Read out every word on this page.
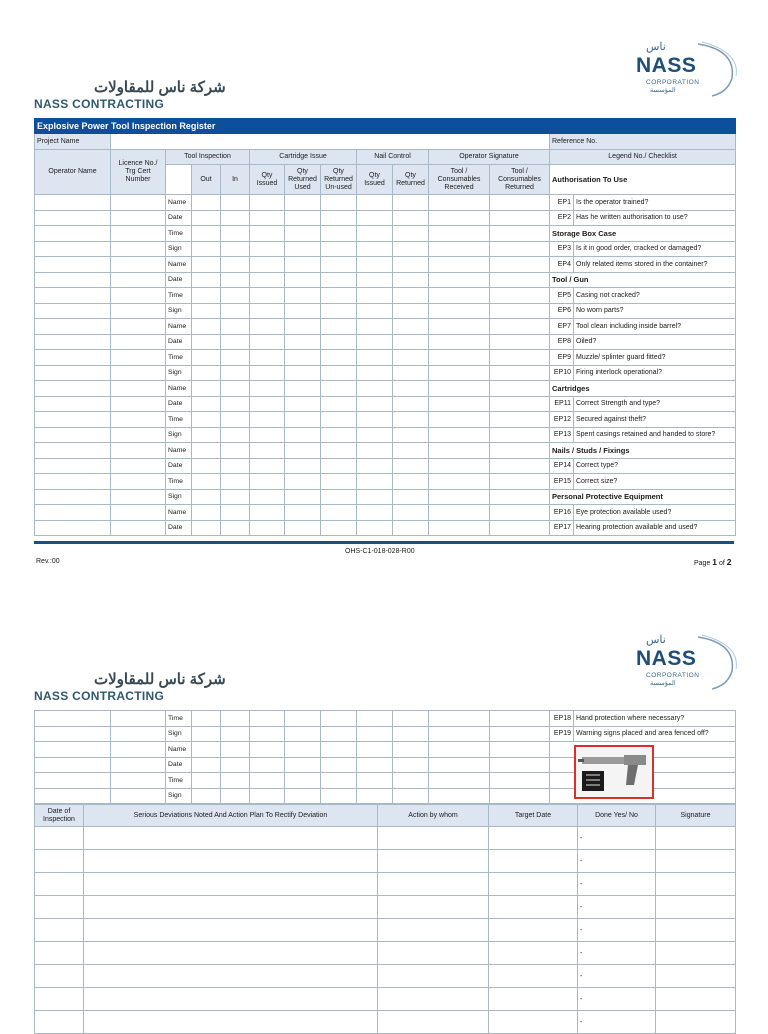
شركة ناس للمقاولات
NASS CONTRACTING
ناس
NASS
CORPORATION
المؤسسة
Explosive Power Tool Inspection Register													
Project Name												Reference No.	
Operator Name	Licence No./ Trg Cert Number	Tool Inspection			Cartridge Issue			Nail Control		Operator Signature		Legend No./ Checklist	
			Out	In	Qty Issued	Qty Returned Used	Qty Returned Un-used	Qty Issued	Qty Returned	Tool / Consumables Received	Tool / Consumables Returned	Authorisation To Use	
		Name										EP1	Is the operator trained?
		Date										EP2	Has he written authorisation to use?
		Time										Storage Box Case	
		Sign										EP3	Is it in good order, cracked or damaged?
		Name										EP4	Only related items stored in the container?
		Date										Tool / Gun	
		Time										EP5	Casing not cracked?
		Sign										EP6	No worn parts?
		Name										EP7	Tool clean including inside barrel?
		Date										EP8	Oiled?
		Time										EP9	Muzzle/ splinter guard fitted?
		Sign										EP10	Firing interlock operational?
		Name										Cartridges	
		Date										EP11	Correct Strength and type?
		Time										EP12	Secured against theft?
		Sign										EP13	Spent casings retained and handed to store?
		Name										Nails / Studs / Fixings	
		Date										EP14	Correct type?
		Time										EP15	Correct size?
		Sign										Personal Protective Equipment	
		Name										EP16	Eye protection available used?
		Date										EP17	Hearing protection available and used?
OHS-C1-018-028-R00
Rev.:00	Page 1 of 2
شركة ناس للمقاولات
NASS CONTRACTING
ناس
NASS
CORPORATION
المؤسسة
		Time										EP18	Hand protection where necessary?
		Sign										EP19	Warning signs placed and area fenced off?
		Name											
		Date											
		Time											
		Sign											
Date of Inspection	Serious Deviations Noted And Action Plan To Rectify Deviation	Action by whom	Target Date	Done Yes/ No	Signature
				-	
				-	
				-	
				-	
				-	
				-	
				-	
				-	
				-	
